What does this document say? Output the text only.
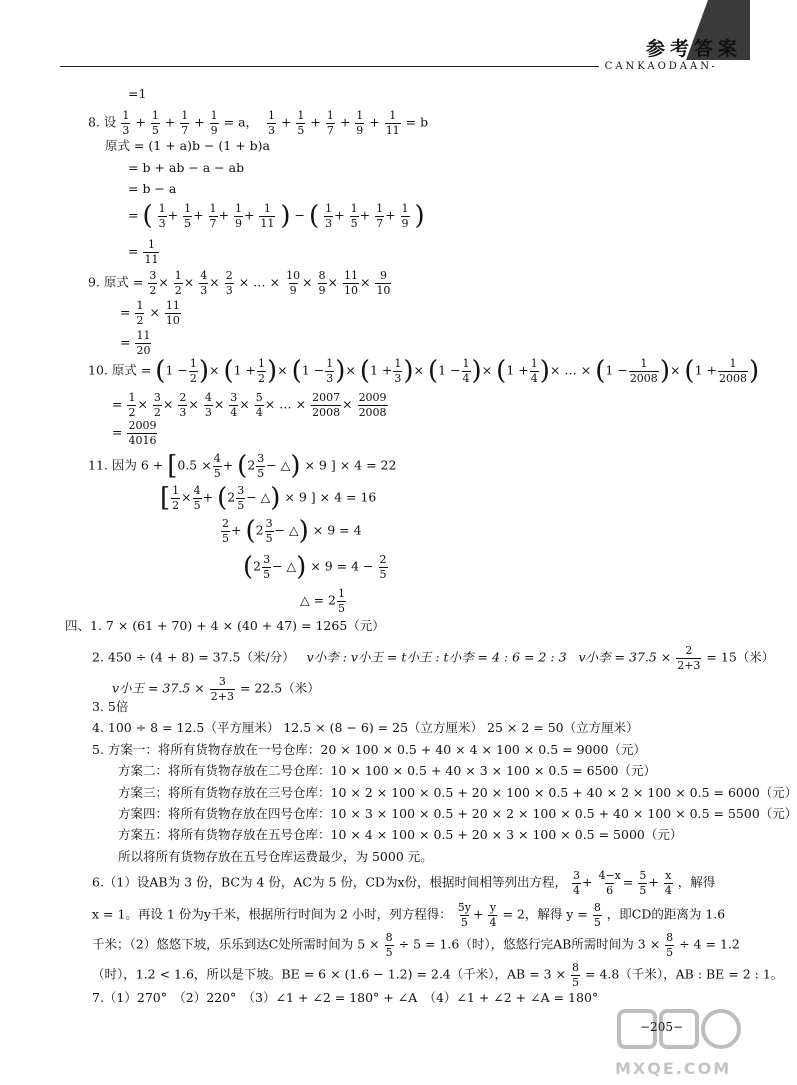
参考答案
CANKAODAAN
=1
8. 设 $\frac{1}{3} + \frac{1}{5} + \frac{1}{7} + \frac{1}{9} = a$， $\frac{1}{3} + \frac{1}{5} + \frac{1}{7} + \frac{1}{9} + \frac{1}{11} = b$
原式 = (1 + a)b − (1 + b)a
= b + ab − a − ab
= b − a
= ( $\frac{1}{3} + \frac{1}{5} + \frac{1}{7} + \frac{1}{9} + \frac{1}{11}$ ) − ( $\frac{1}{3} + \frac{1}{5} + \frac{1}{7} + \frac{1}{9}$ )
= $\frac{1}{11}$
9. 原式 = $\frac{3}{2} \times \frac{1}{2} \times \frac{4}{3} \times \frac{2}{3}$ × … × $\frac{10}{9} \times \frac{8}{9} \times \frac{11}{10} \times \frac{9}{10}$
= $\frac{1}{2} \times \frac{11}{10}$
= $\frac{11}{20}$
10. 原式 = ($1 - \frac{1}{2}$ )× ($1 + \frac{1}{2}$ )× ($1 - \frac{1}{3}$ )× ($1 + \frac{1}{3}$ )× ($1 - \frac{1}{4}$ )× ($1 + \frac{1}{4}$ )× … × ($1 - \frac{1}{2008}$ )× ($1 + \frac{1}{2008}$ )
= $\frac{1}{2} \times \frac{3}{2} \times \frac{2}{3} \times \frac{4}{3} \times \frac{3}{4} \times \frac{5}{4}$ × … × $\frac{2007}{2008} \times \frac{2009}{2008}$
= $\frac{2009}{4016}$
11. 因为 $6 + [0.5 \times \frac{4}{5} + (2 \frac{3}{5}$ − △) × 9 ] × 4 = 22
[ $\frac{1}{2} \times \frac{4}{5} + (2 \frac{3}{5}$ − △) × 9 ] × 4 = 16
$\frac{2}{5} + (2 \frac{3}{5}$ − △) × 9 = 4
($2 \frac{3}{5}$ − △) × $9 = 4 - \frac{2}{5}$
△ = $2 \frac{1}{5}$
四、1. 7 × (61 + 70) + 4 × (40 + 47) = 1265（元）
2. 450 ÷ (4 + 8) = 37.5（米/分） v小李 : v小王 = t小王 : t小李 = 4 : 6 = 2 : 3 v小李 = $37.5 \times \frac{2}{2+3} = 15$（米）
v小王 = $37.5 \times \frac{3}{2+3} = 22.5$（米）
3. 5倍
4. 100 ÷ 8 = 12.5（平方厘米） 12.5 × (8 − 6) = 25（立方厘米） 25 × 2 = 50（立方厘米）
5. 方案一：将所有货物存放在一号仓库：20 × 100 × 0.5 + 40 × 4 × 100 × 0.5 = 9000（元）
方案二：将所有货物存放在二号仓库：10 × 100 × 0.5 + 40 × 3 × 100 × 0.5 = 6500（元）
方案三：将所有货物存放在三号仓库：10 × 2 × 100 × 0.5 + 20 × 100 × 0.5 + 40 × 2 × 100 × 0.5 = 6000（元）
方案四：将所有货物存放在四号仓库：10 × 3 × 100 × 0.5 + 20 × 2 × 100 × 0.5 + 40 × 100 × 0.5 = 5500（元）
方案五：将所有货物存放在五号仓库：10 × 4 × 100 × 0.5 + 20 × 3 × 100 × 0.5 = 5000（元）
所以将所有货物存放在五号仓库运费最少，为 5000 元。
6.（1）设AB为 3 份，BC为 4 份，AC为 5 份，CD为x份，根据时间相等列出方程， $\frac{3}{4} + \frac{4-x}{6} = \frac{5}{5} + \frac{x}{4}$ ，解得
x = 1。再设 1 份为y千米，根据所行时间为 2 小时，列方程得： $\frac{5y}{5} + \frac{y}{4} = 2$，解得 $y = \frac{8}{5}$ ，即CD的距离为 1.6
千米；（2）悠悠下坡，乐乐到达C处所需时间为 $5 \times \frac{8}{5} \div 5 = 1.6$（时），悠悠行完AB所需时间为 $3 \times \frac{8}{5} \div 4 = 1.2$
（时），1.2 < 1.6，所以是下坡。BE = 6 × (1.6 − 1.2) = 2.4（千米），AB = $3 \times \frac{8}{5} = 4.8$（千米），AB : BE = 2 : 1。
7.（1）270°　（2）220°　（3）∠1 + ∠2 = 180° + ∠A　（4）∠1 + ∠2 + ∠A = 180°
−205−
MXQE.COM
